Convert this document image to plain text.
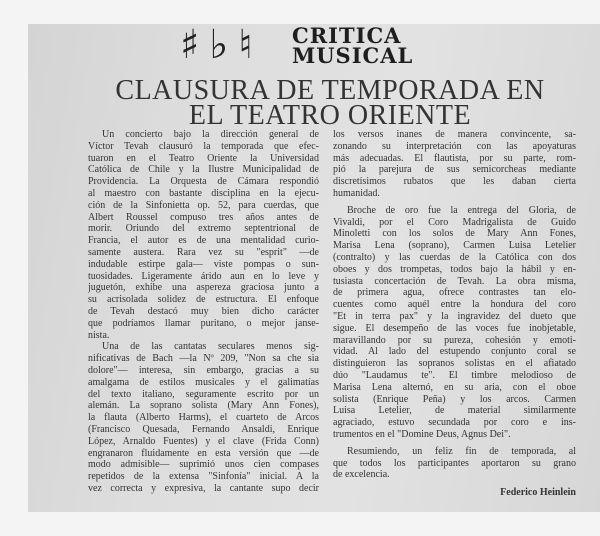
♯♭♮ CRITICA
MUSICAL
CLAUSURA DE TEMPORADA EN
EL TEATRO ORIENTE
Un concierto bajo la dirección general de
Víctor Tevah clausuró la temporada que efec-
tuaron en el Teatro Oriente la Universidad
Católica de Chile y la Ilustre Municipalidad de
Providencia. La Orquesta de Cámara respondió
al maestro con bastante disciplina en la ejecu-
ción de la Sinfonietta op. 52, para cuerdas, que
Albert Roussel compuso tres años antes de
morir. Oriundo del extremo septentrional de
Francia, el autor es de una mentalidad curio-
samente austera. Rara vez su "esprit" —de
indudable estirpe gala— viste pompas o sun-
tuosidades. Ligeramente árido aun en lo leve y
juguetón, exhibe una aspereza graciosa junto a
su acrisolada solidez de estructura. El enfoque
de Tevah destacó muy bien dicho carácter
que podríamos llamar puritano, o mejor janse-
nista.
Una de las cantatas seculares menos sig-
nificativas de Bach —la Nº 209, "Non sa che sia
dolore"— interesa, sin embargo, gracias a su
amalgama de estilos musicales y el galimatías
del texto italiano, seguramente escrito por un
alemán. La soprano solista (Mary Ann Fones),
la flauta (Alberto Harms), el cuarteto de Arcos
(Francisco Quesada, Fernando Ansaldi, Enrique
López, Arnaldo Fuentes) y el clave (Frida Conn)
engranaron fluidamente en esta versión que —de
modo admisible— suprimió unos cien compases
repetidos de la extensa "Sinfonía" inicial. A la
vez correcta y expresiva, la cantante supo decir
los versos inanes de manera convincente, sa-
zonando su interpretación con las apoyaturas
más adecuadas. El flautista, por su parte, rom-
pió la parejura de sus semicorcheas mediante
discretísimos rubatos que les daban cierta
humanidad.
Broche de oro fue la entrega del Gloria, de
Vivaldi, por el Coro Madrigalista de Guido
Minoletti con los solos de Mary Ann Fones,
Marisa Lena (soprano), Carmen Luisa Letelier
(contralto) y las cuerdas de la Católica con dos
oboes y dos trompetas, todos bajo la hábil y en-
tusiasta concertación de Tevah. La obra misma,
de primera agua, ofrece contrastes tan elo-
cuentes como aquél entre la hondura del coro
"Et in terra pax" y la ingravidez del dueto que
sigue. El desempeño de las voces fue inobjetable,
maravillando por su pureza, cohesión y emoti-
vidad. Al lado del estupendo conjunto coral se
distinguieron las sopranos solistas en el afiatado
dúo "Laudamus te". El timbre melodioso de
Marisa Lena alternó, en su aria, con el oboe
solista (Enrique Peña) y los arcos. Carmen
Luisa Letelier, de material similarmente
agraciado, estuvo secundada por coro e ins-
trumentos en el "Domine Deus, Agnus Dei".
Resumiendo, un feliz fin de temporada, al
que todos los participantes aportaron su grano
de excelencia.
Federico Heinlein
